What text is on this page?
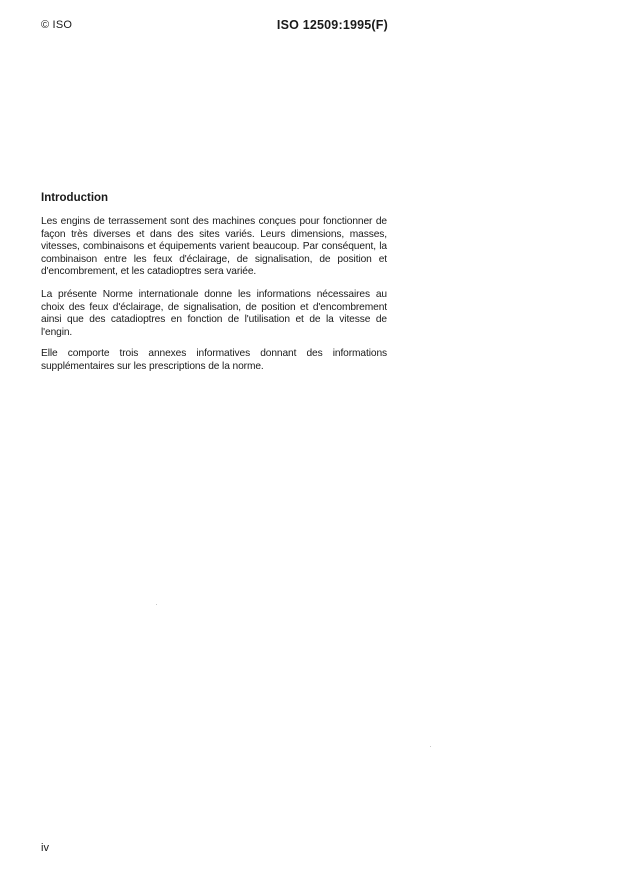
© ISO	ISO 12509:1995(F)
Introduction

Les engins de terrassement sont des machines conçues pour fonctionner de façon très diverses et dans des sites variés. Leurs dimensions, masses, vitesses, combinaisons et équipements varient beaucoup. Par conséquent, la combinaison entre les feux d'éclairage, de signalisation, de position et d'encombrement, et les catadioptres sera variée.

La présente Norme internationale donne les informations nécessaires au choix des feux d'éclairage, de signalisation, de position et d'encombrement ainsi que des catadioptres en fonction de l'utilisation et de la vitesse de l'engin.

Elle comporte trois annexes informatives donnant des informations supplémentaires sur les prescriptions de la norme.

iv
